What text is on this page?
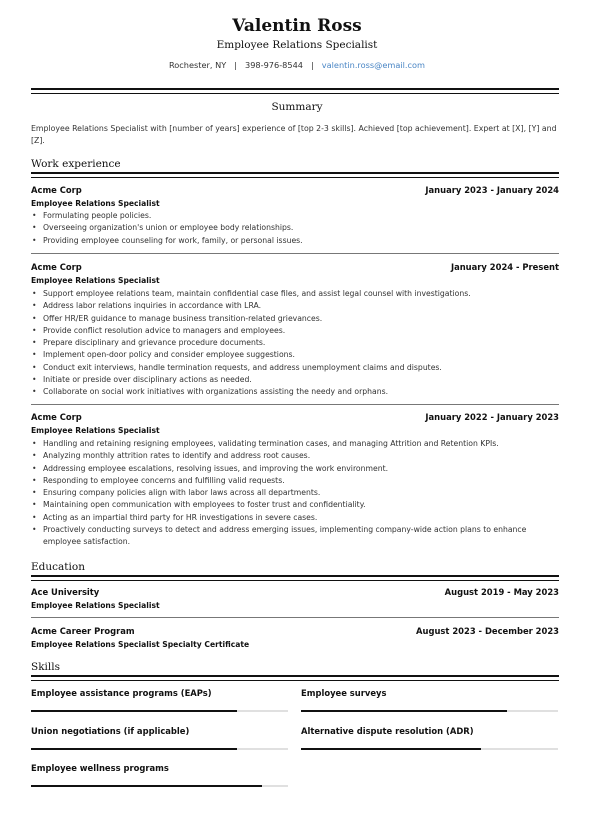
Valentin Ross
Employee Relations Specialist
Rochester, NY | 398-976-8544 | valentin.ross@email.com
Summary
Employee Relations Specialist with [number of years] experience of [top 2-3 skills]. Achieved [top achievement]. Expert at [X], [Y] and [Z].
Work experience
Acme Corp	January 2023 - January 2024
Employee Relations Specialist
• Formulating people policies.
• Overseeing organization's union or employee body relationships.
• Providing employee counseling for work, family, or personal issues.
Acme Corp	January 2024 - Present
Employee Relations Specialist
• Support employee relations team, maintain confidential case files, and assist legal counsel with investigations.
• Address labor relations inquiries in accordance with LRA.
• Offer HR/ER guidance to manage business transition-related grievances.
• Provide conflict resolution advice to managers and employees.
• Prepare disciplinary and grievance procedure documents.
• Implement open-door policy and consider employee suggestions.
• Conduct exit interviews, handle termination requests, and address unemployment claims and disputes.
• Initiate or preside over disciplinary actions as needed.
• Collaborate on social work initiatives with organizations assisting the needy and orphans.
Acme Corp	January 2022 - January 2023
Employee Relations Specialist
• Handling and retaining resigning employees, validating termination cases, and managing Attrition and Retention KPIs.
• Analyzing monthly attrition rates to identify and address root causes.
• Addressing employee escalations, resolving issues, and improving the work environment.
• Responding to employee concerns and fulfilling valid requests.
• Ensuring company policies align with labor laws across all departments.
• Maintaining open communication with employees to foster trust and confidentiality.
• Acting as an impartial third party for HR investigations in severe cases.
• Proactively conducting surveys to detect and address emerging issues, implementing company-wide action plans to enhance employee satisfaction.
Education
Ace University	August 2019 - May 2023
Employee Relations Specialist
Acme Career Program	August 2023 - December 2023
Employee Relations Specialist Specialty Certificate
Skills
Employee assistance programs (EAPs)	Employee surveys
Union negotiations (if applicable)	Alternative dispute resolution (ADR)
Employee wellness programs
